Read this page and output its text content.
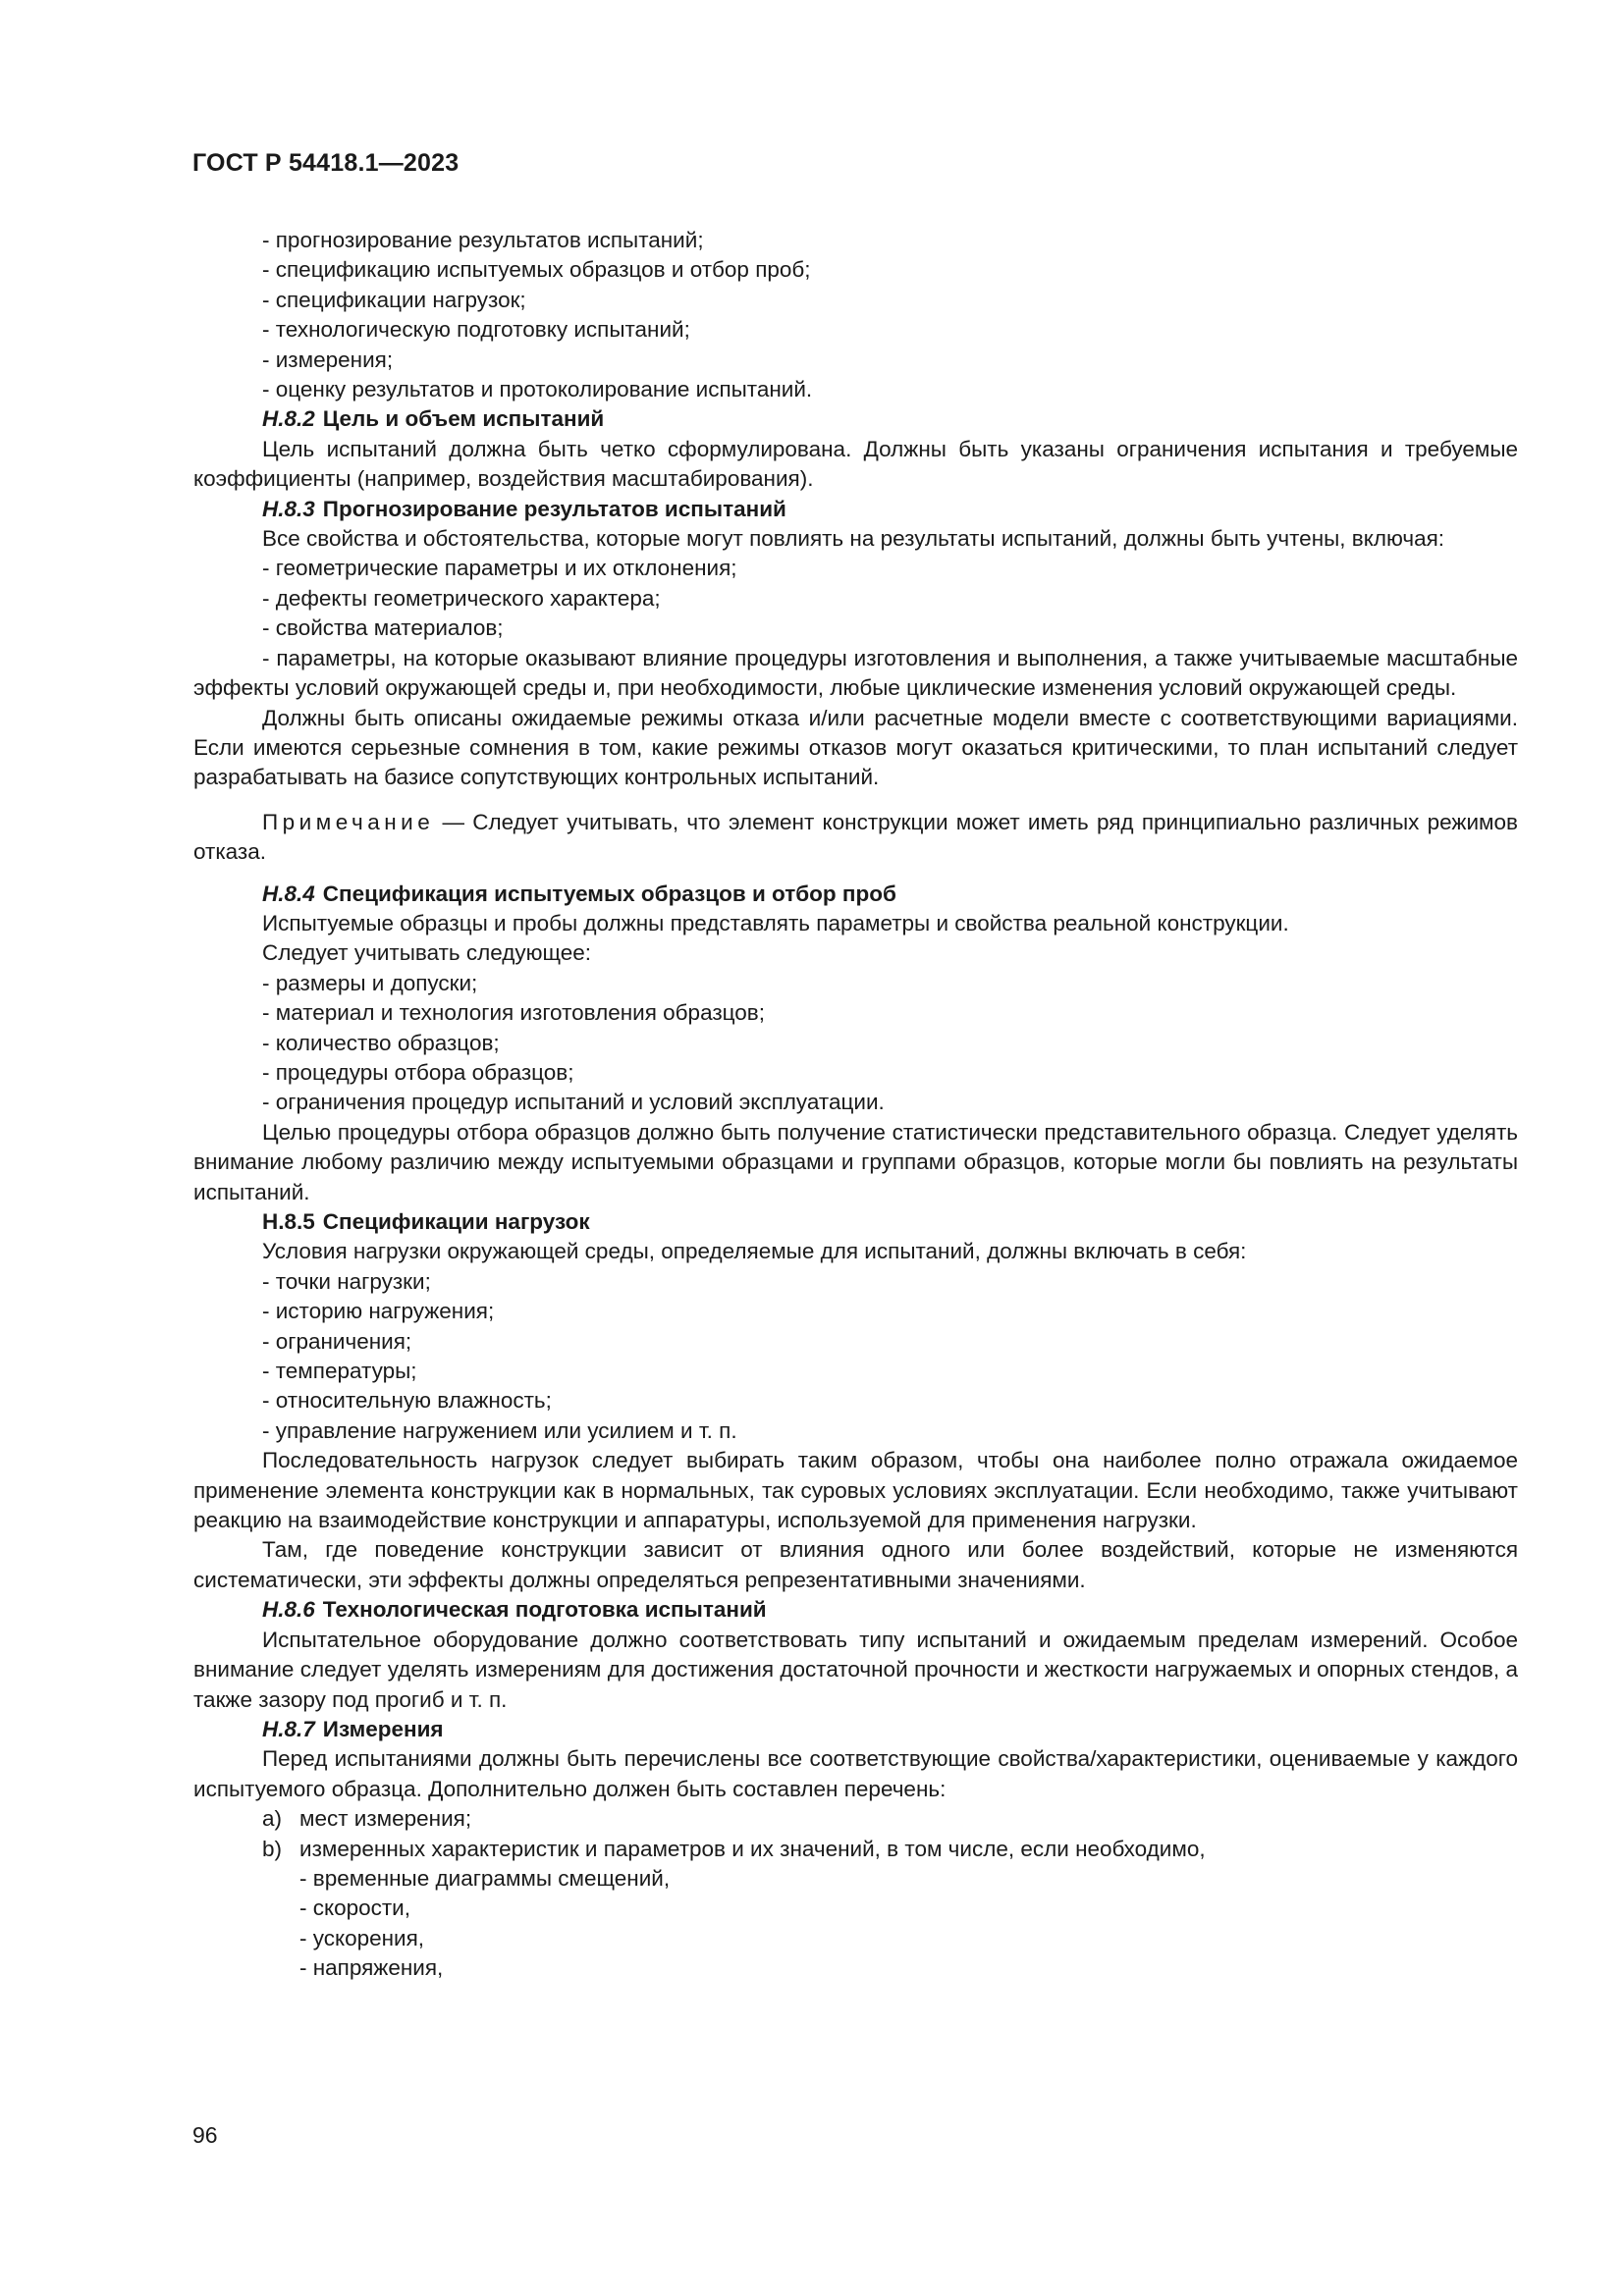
ГОСТ Р 54418.1—2023

- прогнозирование результатов испытаний;

- спецификацию испытуемых образцов и отбор проб;

- спецификации нагрузок;

- технологическую подготовку испытаний;

- измерения;

- оценку результатов и протоколирование испытаний.

Н.8.2 Цель и объем испытаний

Цель испытаний должна быть четко сформулирована. Должны быть указаны ограничения испытания и требуемые коэффициенты (например, воздействия масштабирования).

Н.8.3 Прогнозирование результатов испытаний

Все свойства и обстоятельства, которые могут повлиять на результаты испытаний, должны быть учтены, включая:

- геометрические параметры и их отклонения;

- дефекты геометрического характера;

- свойства материалов;

- параметры, на которые оказывают влияние процедуры изготовления и выполнения, а также учитываемые масштабные эффекты условий окружающей среды и, при необходимости, любые циклические изменения условий окружающей среды.

Должны быть описаны ожидаемые режимы отказа и/или расчетные модели вместе с соответствующими вариациями. Если имеются серьезные сомнения в том, какие режимы отказов могут оказаться критическими, то план испытаний следует разрабатывать на базисе сопутствующих контрольных испытаний.

Примечание — Следует учитывать, что элемент конструкции может иметь ряд принципиально различных режимов отказа.

Н.8.4 Спецификация испытуемых образцов и отбор проб

Испытуемые образцы и пробы должны представлять параметры и свойства реальной конструкции.

Следует учитывать следующее:

- размеры и допуски;

- материал и технология изготовления образцов;

- количество образцов;

- процедуры отбора образцов;

- ограничения процедур испытаний и условий эксплуатации.

Целью процедуры отбора образцов должно быть получение статистически представительного образца. Следует уделять внимание любому различию между испытуемыми образцами и группами образцов, которые могли бы повлиять на результаты испытаний.

Н.8.5 Спецификации нагрузок

Условия нагрузки окружающей среды, определяемые для испытаний, должны включать в себя:

- точки нагрузки;

- историю нагружения;

- ограничения;

- температуры;

- относительную влажность;

- управление нагружением или усилием и т. п.

Последовательность нагрузок следует выбирать таким образом, чтобы она наиболее полно отражала ожидаемое применение элемента конструкции как в нормальных, так суровых условиях эксплуатации. Если необходимо, также учитывают реакцию на взаимодействие конструкции и аппаратуры, используемой для применения нагрузки.

Там, где поведение конструкции зависит от влияния одного или более воздействий, которые не изменяются систематически, эти эффекты должны определяться репрезентативными значениями.

Н.8.6 Технологическая подготовка испытаний

Испытательное оборудование должно соответствовать типу испытаний и ожидаемым пределам измерений. Особое внимание следует уделять измерениям для достижения достаточной прочности и жесткости нагружаемых и опорных стендов, а также зазору под прогиб и т. п.

Н.8.7 Измерения

Перед испытаниями должны быть перечислены все соответствующие свойства/характеристики, оцениваемые у каждого испытуемого образца. Дополнительно должен быть составлен перечень:

a) мест измерения;

b) измеренных характеристик и параметров и их значений, в том числе, если необходимо,

- временные диаграммы смещений,

- скорости,

- ускорения,

- напряжения,

96
